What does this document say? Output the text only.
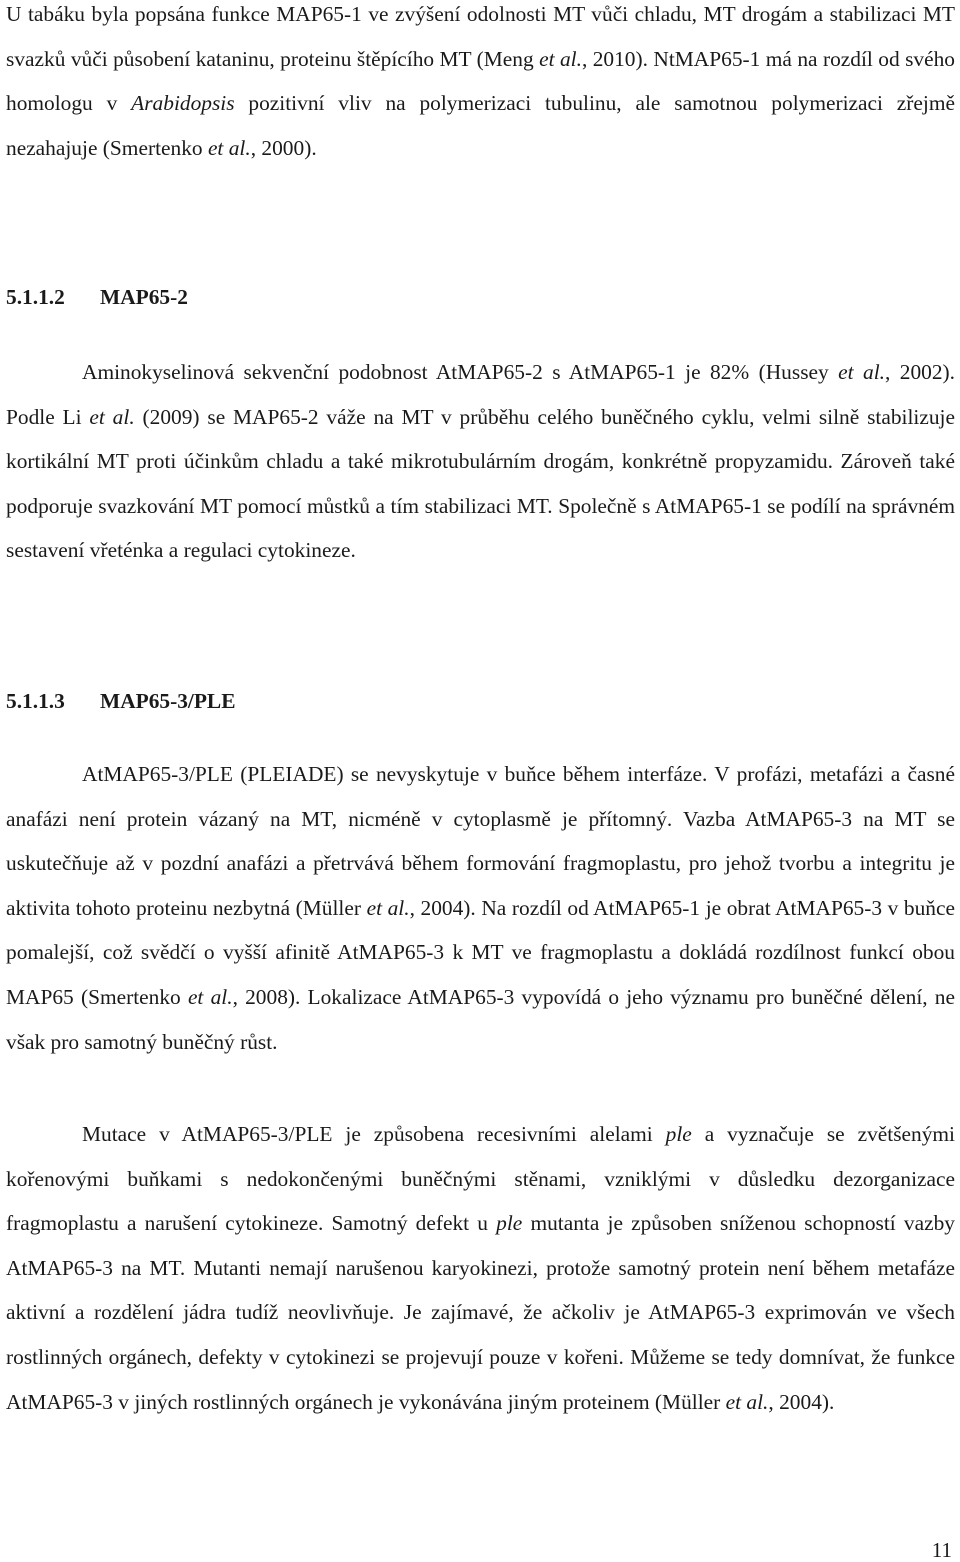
U tabáku byla popsána funkce MAP65-1 ve zvýšení odolnosti MT vůči chladu, MT drogám a stabilizaci MT svazků vůči působení kataninu, proteinu štěpícího MT (Meng et al., 2010). NtMAP65-1 má na rozdíl od svého homologu v Arabidopsis pozitivní vliv na polymerizaci tubulinu, ale samotnou polymerizaci zřejmě nezahajuje (Smertenko et al., 2000).

5.1.1.2 MAP65-2

Aminokyselinová sekvenční podobnost AtMAP65-2 s AtMAP65-1 je 82% (Hussey et al., 2002). Podle Li et al. (2009) se MAP65-2 váže na MT v průběhu celého buněčného cyklu, velmi silně stabilizuje kortikální MT proti účinkům chladu a také mikrotubulárním drogám, konkrétně propyzamidu. Zároveň také podporuje svazkování MT pomocí můstků a tím stabilizaci MT. Společně s AtMAP65-1 se podílí na správném sestavení vřeténka a regulaci cytokineze.

5.1.1.3 MAP65-3/PLE

AtMAP65-3/PLE (PLEIADE) se nevyskytuje v buňce během interfáze. V profázi, metafázi a časné anafázi není protein vázaný na MT, nicméně v cytoplasmě je přítomný. Vazba AtMAP65-3 na MT se uskutečňuje až v pozdní anafázi a přetrvává během formování fragmoplastu, pro jehož tvorbu a integritu je aktivita tohoto proteinu nezbytná (Müller et al., 2004). Na rozdíl od AtMAP65-1 je obrat AtMAP65-3 v buňce pomalejší, což svědčí o vyšší afinitě AtMAP65-3 k MT ve fragmoplastu a dokládá rozdílnost funkcí obou MAP65 (Smertenko et al., 2008). Lokalizace AtMAP65-3 vypovídá o jeho významu pro buněčné dělení, ne však pro samotný buněčný růst.

Mutace v AtMAP65-3/PLE je způsobena recesivními alelami ple a vyznačuje se zvětšenými kořenovými buňkami s nedokončenými buněčnými stěnami, vzniklými v důsledku dezorganizace fragmoplastu a narušení cytokineze. Samotný defekt u ple mutanta je způsoben sníženou schopností vazby AtMAP65-3 na MT. Mutanti nemají narušenou karyokinezi, protože samotný protein není během metafáze aktivní a rozdělení jádra tudíž neovlivňuje. Je zajímavé, že ačkoliv je AtMAP65-3 exprimován ve všech rostlinných orgánech, defekty v cytokinezi se projevují pouze v kořeni. Můžeme se tedy domnívat, že funkce AtMAP65-3 v jiných rostlinných orgánech je vykonávána jiným proteinem (Müller et al., 2004).

11
